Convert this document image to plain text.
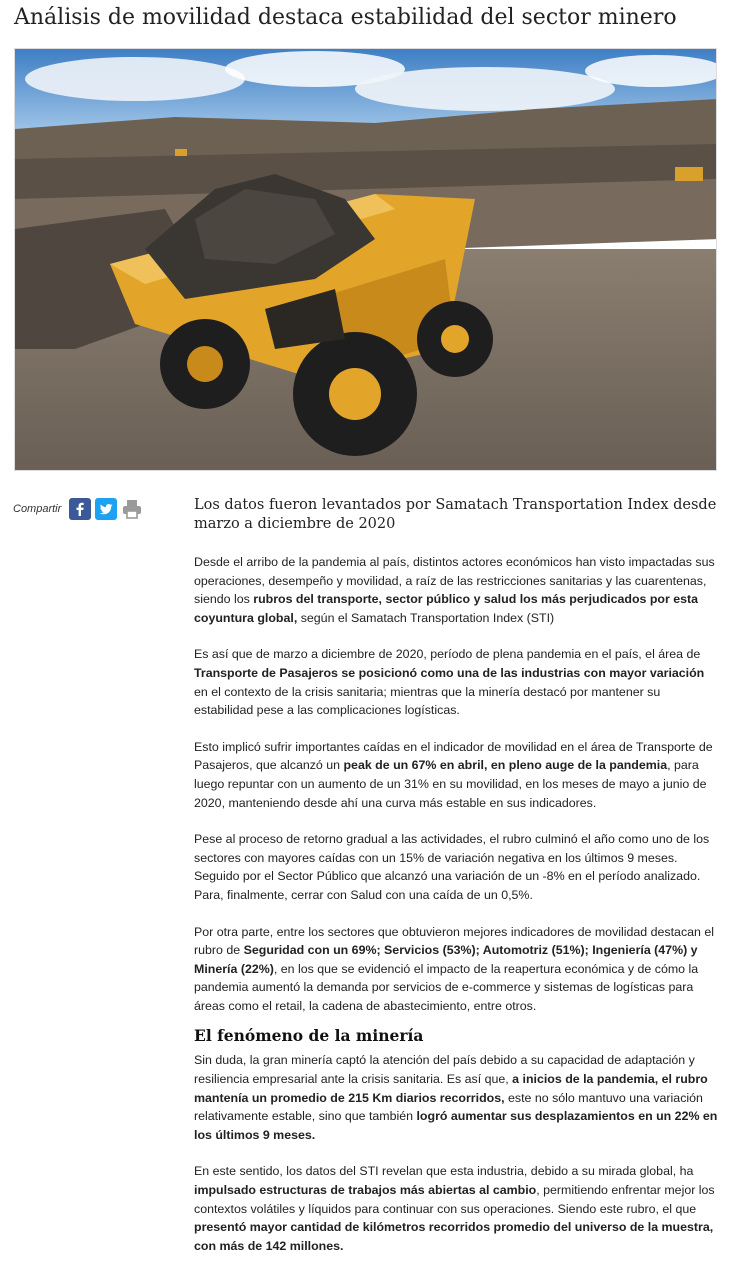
Análisis de movilidad destaca estabilidad del sector minero
Compartir	Los datos fueron levantados por Samatach Transportation Index desde marzo a diciembre de 2020

Desde el arribo de la pandemia al país, distintos actores económicos han visto impactadas sus operaciones, desempeño y movilidad, a raíz de las restricciones sanitarias y las cuarentenas, siendo los rubros del transporte, sector público y salud los más perjudicados por esta coyuntura global, según el Samatach Transportation Index (STI)

Es así que de marzo a diciembre de 2020, período de plena pandemia en el país, el área de Transporte de Pasajeros se posicionó como una de las industrias con mayor variación en el contexto de la crisis sanitaria; mientras que la minería destacó por mantener su estabilidad pese a las complicaciones logísticas.

Esto implicó sufrir importantes caídas en el indicador de movilidad en el área de Transporte de Pasajeros, que alcanzó un peak de un 67% en abril, en pleno auge de la pandemia, para luego repuntar con un aumento de un 31% en su movilidad, en los meses de mayo a junio de 2020, manteniendo desde ahí una curva más estable en sus indicadores.

Pese al proceso de retorno gradual a las actividades, el rubro culminó el año como uno de los sectores con mayores caídas con un 15% de variación negativa en los últimos 9 meses. Seguido por el Sector Público que alcanzó una variación de un -8% en el período analizado. Para, finalmente, cerrar con Salud con una caída de un 0,5%.

Por otra parte, entre los sectores que obtuvieron mejores indicadores de movilidad destacan el rubro de Seguridad con un 69%; Servicios (53%); Automotriz (51%); Ingeniería (47%) y Minería (22%), en los que se evidenció el impacto de la reapertura económica y de cómo la pandemia aumentó la demanda por servicios de e-commerce y sistemas de logísticas para áreas como el retail, la cadena de abastecimiento, entre otros.

El fenómeno de la minería

Sin duda, la gran minería captó la atención del país debido a su capacidad de adaptación y resiliencia empresarial ante la crisis sanitaria. Es así que, a inicios de la pandemia, el rubro mantenía un promedio de 215 Km diarios recorridos, este no sólo mantuvo una variación relativamente estable, sino que también logró aumentar sus desplazamientos en un 22% en los últimos 9 meses.

En este sentido, los datos del STI revelan que esta industria, debido a su mirada global, ha impulsado estructuras de trabajos más abiertas al cambio, permitiendo enfrentar mejor los contextos volátiles y líquidos para continuar con sus operaciones. Siendo este rubro, el que presentó mayor cantidad de kilómetros recorridos promedio del universo de la muestra, con más de 142 millones.
